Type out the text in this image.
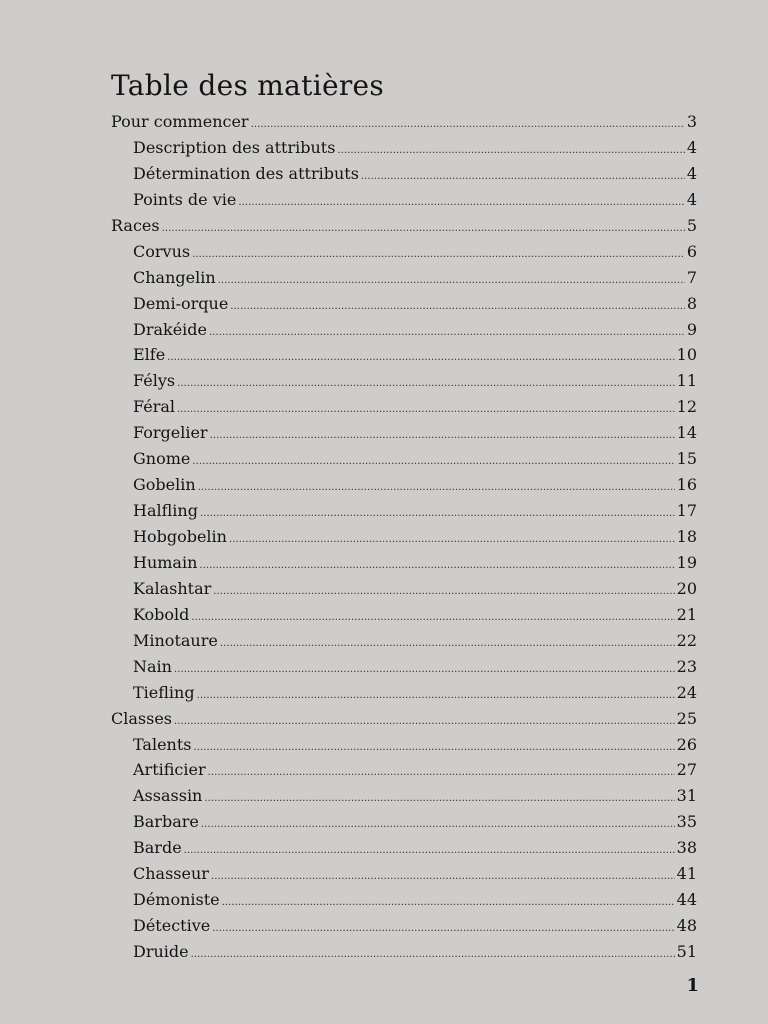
Table des matières
Pour commencer . . .	3
Description des attributs . . .	4
Détermination des attributs . . .	4
Points de vie . . .	4
Races . . .	5
Corvus . . .	6
Changelin . . .	7
Demi-orque . . .	8
Drakéide . . .	9
Elfe . . .	10
Félys . . .	11
Féral . . .	12
Forgelier . . .	14
Gnome . . .	15
Gobelin . . .	16
Halfling . . .	17
Hobgobelin . . .	18
Humain . . .	19
Kalashtar . . .	20
Kobold . . .	21
Minotaure . . .	22
Nain . . .	23
Tiefling . . .	24
Classes . . .	25
Talents . . .	26
Artificier . . .	27
Assassin . . .	31
Barbare . . .	35
Barde . . .	38
Chasseur . . .	41
Démoniste . . .	44
Détective . . .	48
Druide . . .	51
1
